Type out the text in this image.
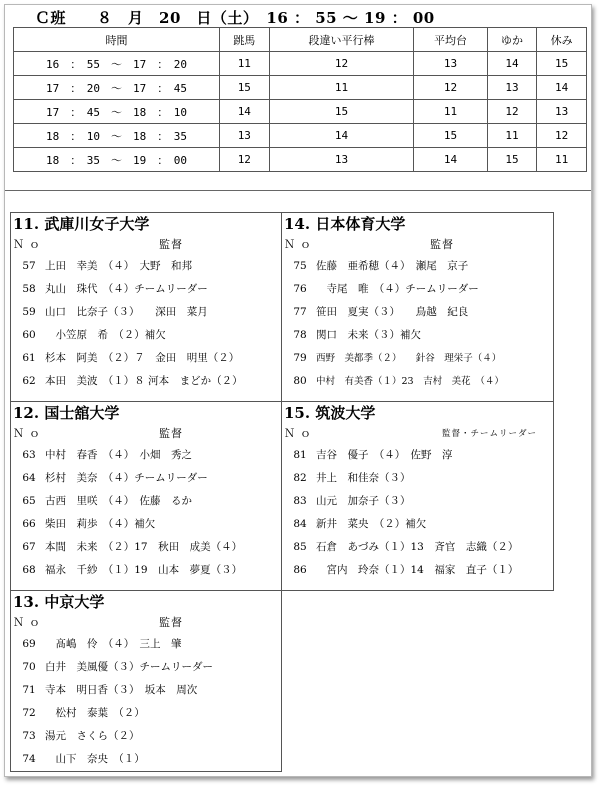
Ｃ班　　８　月　20　日（土）　16 ： 55 〜 19 ： 00
時間	跳馬	段違い平行棒	平均台	ゆか	休み
16　：　55　〜　17　：　20	11	12	13	14	15
17　：　20　〜　17　：　45	15	11	12	13	14
17　：　45　〜　18　：　10	14	15	11	12	13
18　：　10　〜　18　：　35	13	14	15	11	12
18　：　35　〜　19　：　00	12	13	14	15	11
11. 武庫川女子大学
Ｎｏ	監督
57 上田　幸美　（４）　大野　和邦
58 丸山　珠代　（４）チームリーダー
59 山口　比奈子（３）　　深田　菜月
60　小笠原　希　（２）補欠
61 杉本　阿美　（２）７　金田　明里（２）
62 本田　美波　（１）８ 河本　まどか（２）
14. 日本体育大学
Ｎｏ	監督
75 佐藤　亜希穂（４）　瀬尾　京子
76　寺尾　唯　（４）チームリーダー
77 笹田　夏実（３）　　鳥越　紀良
78 関口　未来（３）補欠
79 西野　美都季（２）　　針谷　理栄子（４）
80 中村　有美香（１）23　吉村　美花　（４）
12. 国士舘大学
Ｎｏ	監督
63 中村　春香　（４）　小畑　秀之
64 杉村　美奈　（４）チームリーダー
65 古西　里咲　（４）　佐藤　るか
66 柴田　莉歩　（４）補欠
67 本間　未来　（２）17　秋田　成美（４）
68 福永　千紗　（１）19　山本　夢夏（３）
15. 筑波大学
Ｎｏ	監督・チームリーダー
81 吉谷　優子　（４）　佐野　淳
82 井上　和佳奈（３）
83 山元　加奈子（３）
84 新井　菜央　（２）補欠
85 石倉　あづみ（１）13　斉官　志織（２）
86　宮内　玲奈（１）14　福家　直子（１）
13. 中京大学
Ｎｏ	監督
69　髙嶋　伶　（４）　三上　肇
70 白井　美風優（３）チームリーダー
71 寺本　明日香（３）　坂本　周次
72　松村　泰葉　（２）
73 湯元　さくら（２）
74　山下　奈央　（１）
